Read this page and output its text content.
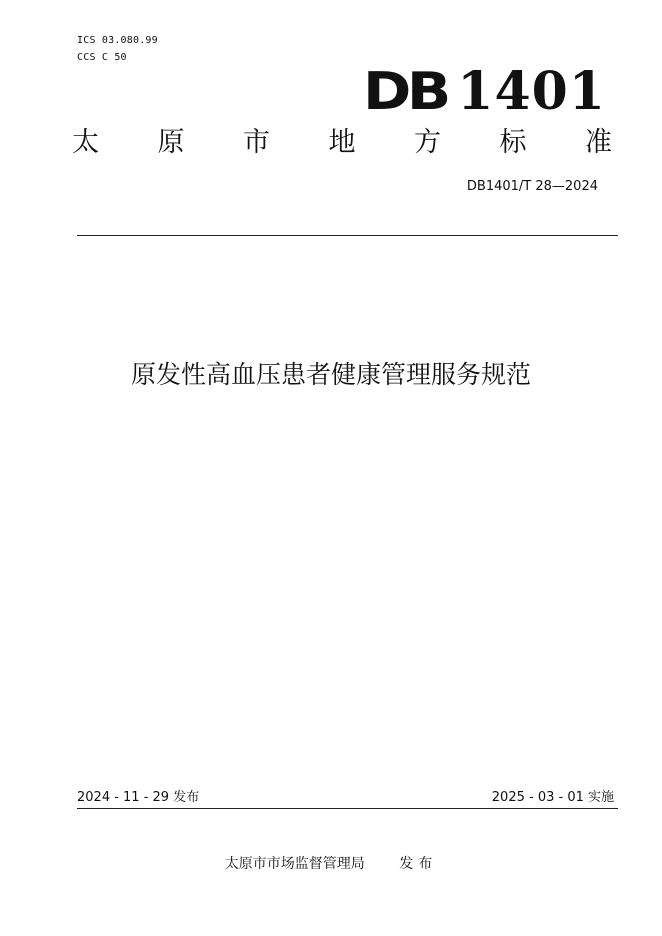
ICS 03.080.99
CCS C 50
DB 1401
太 原 市 地 方 标 准
DB1401/T 28—2024
原发性高血压患者健康管理服务规范
2024 - 11 - 29 发布	2025 - 03 - 01 实施
太原市市场监督管理局 发布
